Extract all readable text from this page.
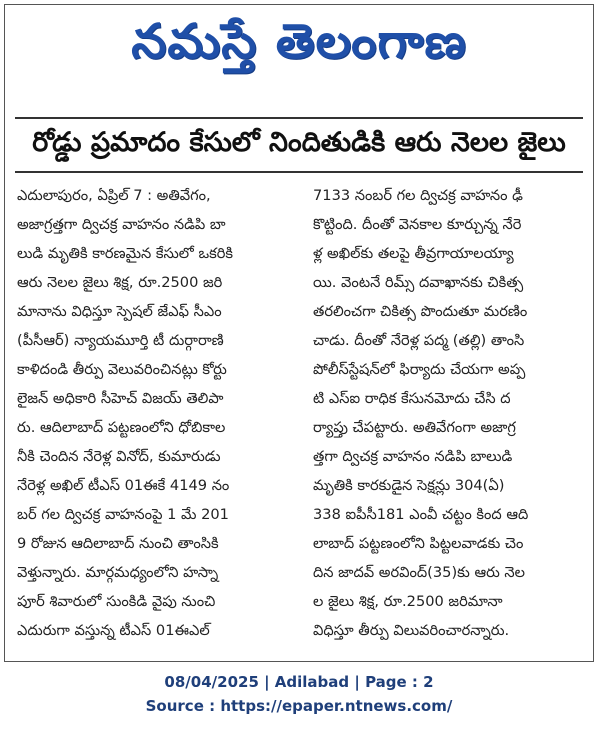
నమస్తే తెలంగాణ
రోడ్డు ప్రమాదం కేసులో నిందితుడికి ఆరు నెలల జైలు
ఎదులాపురం, ఏప్రిల్ 7 : అతివేగం,
అజాగ్రత్తగా ద్విచక్ర వాహనం నడిపి బా
లుడి మృతికి కారణమైన కేసులో ఒకరికి
ఆరు నెలల జైలు శిక్ష, రూ.2500 జరి
మానాను విధిస్తూ స్పెషల్ జేఎఫ్ సీఎం
(పీసీఆర్) న్యాయమూర్తి టీ దుర్గారాణి
కాళిదండి తీర్పు వెలువరించినట్లు కోర్టు
లైజన్ అధికారి సీహెచ్ విజయ్ తెలిపా
రు. ఆదిలాబాద్ పట్టణంలోని ధోబికాల
నీకి చెందిన నేరెళ్ల వినోద్, కుమారుడు
నేరెళ్ల అఖిల్ టీఎస్ 01ఈకే 4149 నం
బర్ గల ద్విచక్ర వాహనంపై 1 మే 201
9 రోజున ఆదిలాబాద్ నుంచి తాంసికి
వెళ్తున్నారు. మార్గమధ్యంలోని హస్నా
పూర్ శివారులో సుంకిడి వైపు నుంచి
ఎదురుగా వస్తున్న టీఎస్ 01ఈఎల్
7133 నంబర్ గల ద్విచక్ర వాహనం ఢీ
కొట్టింది. దీంతో వెనకాల కూర్చున్న నేరె
ళ్ల అఖిల్‌కు తలపై తీవ్రగాయాలయ్యా
యి. వెంటనే రిమ్స్ దవాఖానకు చికిత్స
తరలించగా చికిత్స పొందుతూ మరణిం
చాడు. దీంతో నేరెళ్ల పద్మ (తల్లి) తాంసి
పోలీస్‌స్టేషన్‌లో ఫిర్యాదు చేయగా అప్ప
టి ఎస్ఐ రాధిక కేసునమోదు చేసి ద
ర్యాప్తు చేపట్టారు. అతివేగంగా అజాగ్ర
త్తగా ద్విచక్ర వాహనం నడిపి బాలుడి
మృతికి కారకుడైన సెక్షన్లు 304(ఏ)
338 ఐపీసీ181 ఎంవీ చట్టం కింద ఆది
లాబాద్ పట్టణంలోని పిట్టలవాడకు చెం
దిన జాదవ్ అరవింద్(35)కు ఆరు నెల
ల జైలు శిక్ష, రూ.2500 జరిమానా
విధిస్తూ తీర్పు విలువరించారన్నారు.
08/04/2025 | Adilabad | Page : 2
Source : https://epaper.ntnews.com/
